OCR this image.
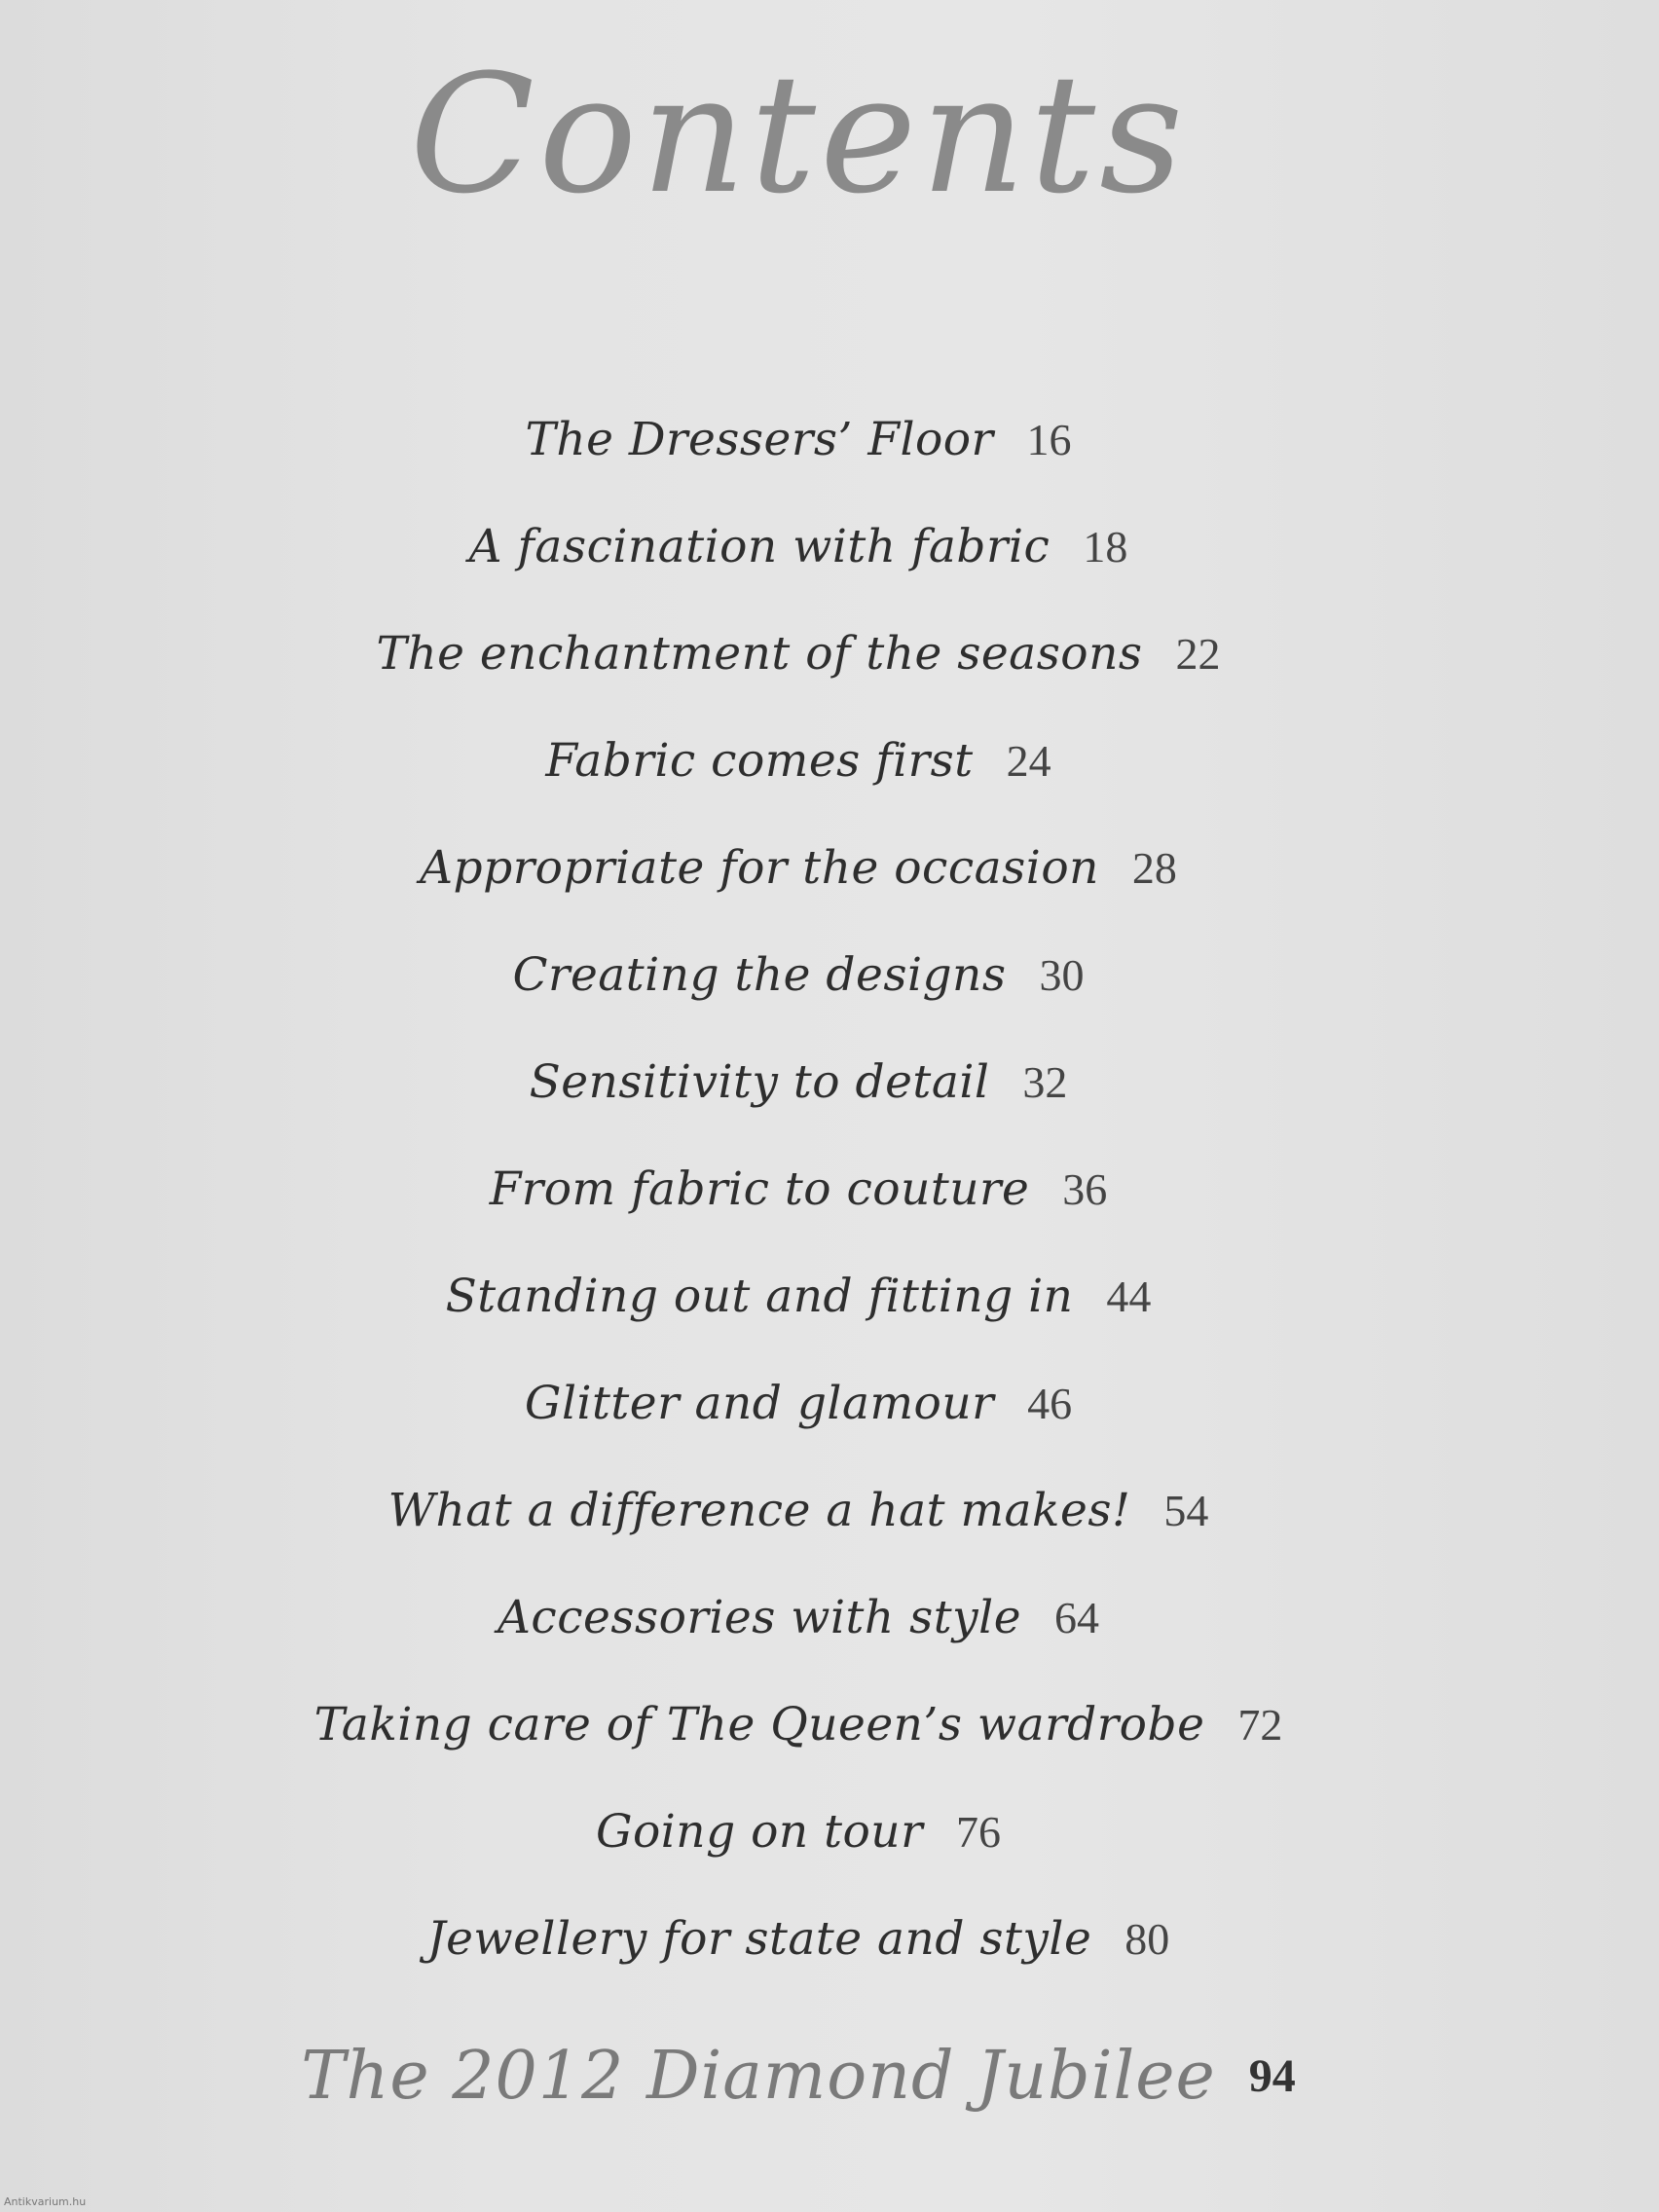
Contents
The Dressers’ Floor 16
A fascination with fabric 18
The enchantment of the seasons 22
Fabric comes first 24
Appropriate for the occasion 28
Creating the designs 30
Sensitivity to detail 32
From fabric to couture 36
Standing out and fitting in 44
Glitter and glamour 46
What a difference a hat makes! 54
Accessories with style 64
Taking care of The Queen’s wardrobe 72
Going on tour 76
Jewellery for state and style 80
The 2012 Diamond Jubilee 94
Antikvarium.hu
